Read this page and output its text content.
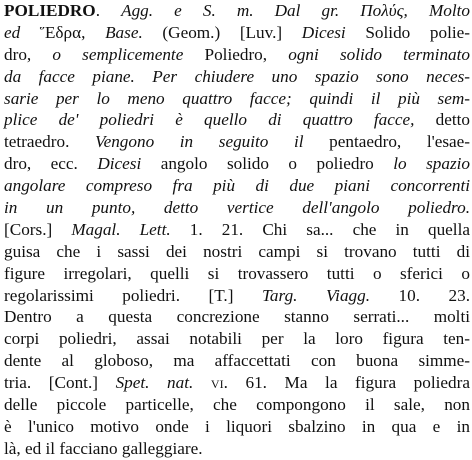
POLIEDRO. Agg. e S. m. Dal gr. Πολύς, Molto
ed Ἕδρα, Base. (Geom.) [Luv.] Dicesi Solido polie-
dro, o semplicemente Poliedro, ogni solido terminato
da facce piane. Per chiudere uno spazio sono neces-
sarie per lo meno quattro facce; quindi il più sem-
plice de' poliedri è quello di quattro facce, detto
tetraedro. Vengono in seguito il pentaedro, l'esae-
dro, ecc. Dicesi angolo solido o poliedro lo spazio
angolare compreso fra più di due piani concorrenti
in un punto, detto vertice dell'angolo poliedro.
[Cors.] Magal. Lett. 1. 21. Chi sa... che in quella
guisa che i sassi dei nostri campi si trovano tutti di
figure irregolari, quelli si trovassero tutti o sferici o
regolarissimi poliedri. [T.] Targ. Viagg. 10. 23.
Dentro a questa concrezione stanno serrati... molti
corpi poliedri, assai notabili per la loro figura ten-
dente al globoso, ma affaccettati con buona simme-
tria. [Cont.] Spet. nat. vi. 61. Ma la figura poliedra
delle piccole particelle, che compongono il sale, non
è l'unico motivo onde i liquori sbalzino in qua e in
là, ed il facciano galleggiare.
